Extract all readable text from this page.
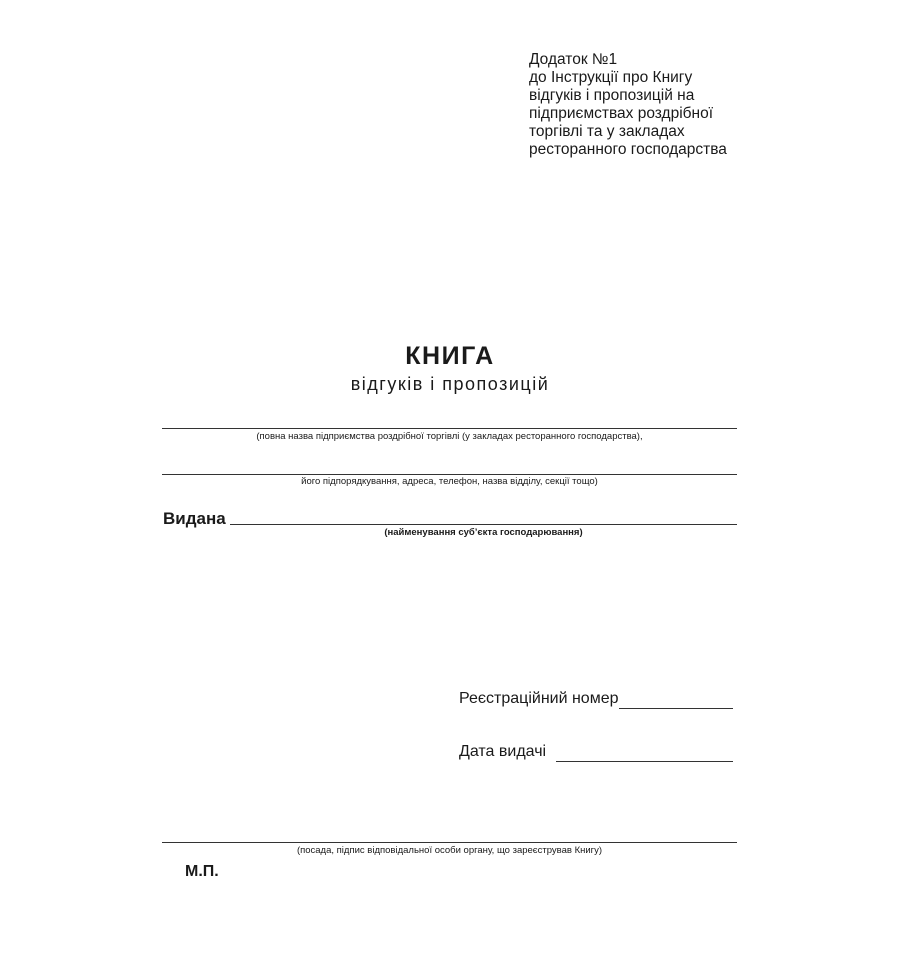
Додаток №1
до Інструкції про Книгу
відгуків і пропозицій на
підприємствах роздрібної
торгівлі та у закладах
ресторанного господарства
КНИГА
відгуків і пропозицій
(повна назва підприємства роздрібної торгівлі (у закладах ресторанного господарства),
його підпорядкування, адреса, телефон, назва відділу, секції тощо)
Видана
(найменування суб’єкта господарювання)
Реєстраційний номер
Дата видачі
(посада, підпис відповідальної особи органу, що зареєстрував Книгу)
М.П.
